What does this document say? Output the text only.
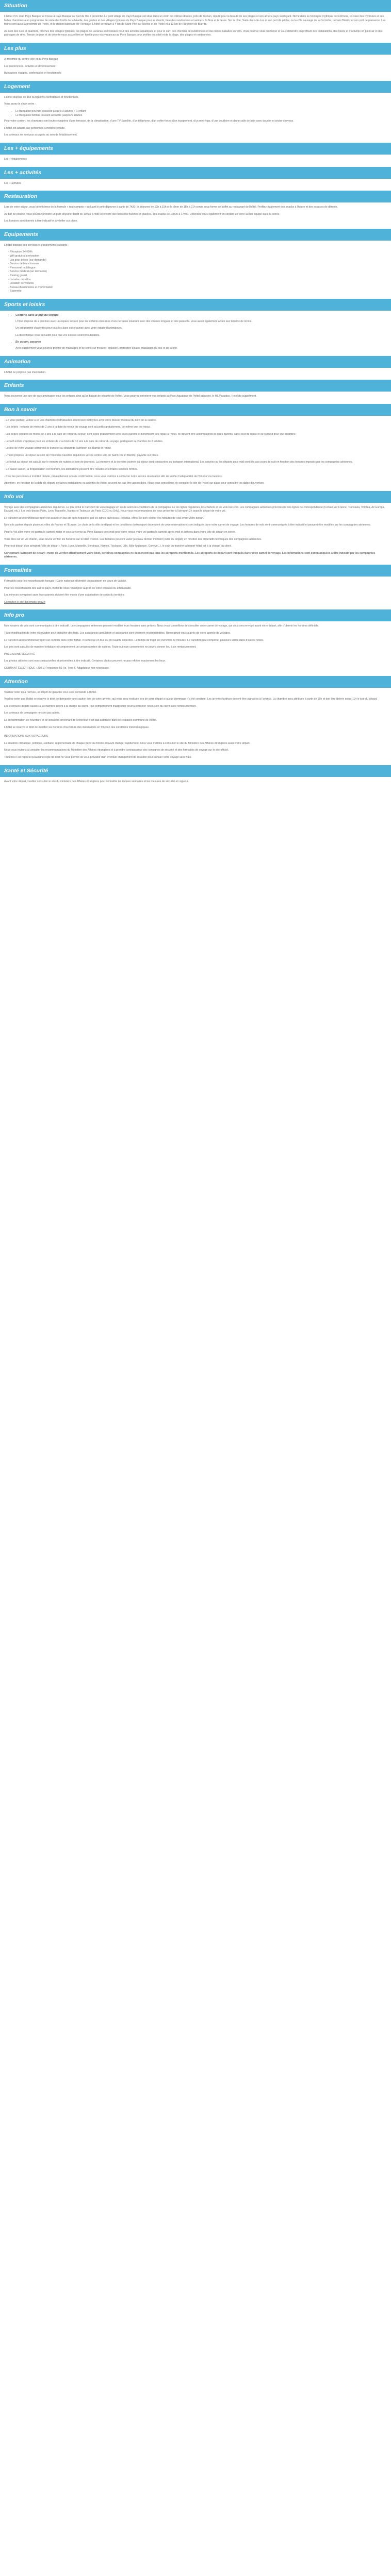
Situation

L'Hôtel VVL Club Pays Basque se trouve à Pays Basque au Sud de l'île à proximité. Le petit village de Pays Basque est situé dans un écrin de collines douces, près de l'océan, réputé pour la beauté de ses plages et son arrière-pays verdoyant. Niché dans la montagne mythique de la Rhune, le cœur des Pyrénées et ses belles chambres à un programme de visite des forêts de la Nivelle, des grottes et des villages typiques du Pays Basque pour se divertir, faire des randonnées et sentiers, la flore et la faune. Sur la côte, Saint-Jean-de-Luz et son port de pêche, ou la côte sauvage de la Corniche, ou vers Biarritz et son port de plaisance. Les trains sont aussi à proximité de l'hôtel, et la station balnéaire de Hendaye. L'hôtel se trouve à 4 km de Saint-Pée-sur-Nivelle et de l'hôtel et à 13 km de l'aéroport de Biarritz.

Au sein des rues et quartiers, proches des villages typiques, les plages de Lacanau sont idéales pour des activités aquatiques et pour le surf, des chemins de randonnées et des belles ballades en vélo. Vous pourrez vous promener et vous détendre en profitant des installations, des loisirs et d'activités en plein air et des paysages de rêve. Terrain de jeux et de détente vous accueillent en famille pour vos vacances au Pays Basque pour profiter du soleil et de la plage, des plages et randonnées.

Les plus

A proximité du centre-ville et du Pays Basque

Les randonnées, activités et divertissement

Bungalows équipés, confortables et fonctionnels

Logement

L'Hôtel dispose de 164 bungalows confortables et fonctionnels.

Vous aurez le choix entre :

• Le Bungalow pouvant accueillir jusqu'à 3 adultes + 1 enfant
• Le Bungalow familial pouvant accueillir jusqu'à 5 adultes

Pour votre confort, les chambres sont toutes équipées d'une terrasse, de la climatisation, d'une TV Satellite, d'un téléphone, d'un coffre-fort et d'un équipement, d'un mini-frigo, d'une bouilloire et d'une salle de bain avec douche et sèche-cheveux.

L'hôtel est adapté aux personnes à mobilité réduite.

Les animaux ne sont pas acceptés au sein de l'établissement.

Les + équipements

Les + équipements

Les + activités

Les + activités

Restauration

Lors de votre séjour, vous bénéficierez de la formule « tout compris » incluant le petit-déjeuner à partir de 7h30, le déjeuner de 12h à 15h et le dîner de 18h à 21h servis sous forme de buffet au restaurant de l'hôtel. Profitez également des snacks à l'heure et des espaces de détente.

Au bar de piscine, vous pourrez prendre un petit déjeuner tardif de 10h30 à midi ou encore des boissons fraîches et glacées, des snacks de 10h00 à 17h00. Détendez-vous également en sirotant un verre au bar équipé dans la soirée.

Les horaires sont donnés à titre indicatif et à vérifier sur place.

Equipements

L'hôtel dispose des services et équipements suivants :

- Réception 24h/24h
- Wifi gratuit à la réception
- Lits pour bébés (sur demande)
- Service de blanchisserie
- Personnel multilingue
- Service médical (sur demande)
- Parking gratuit
- Location de vélos
- Location de voitures
- Bureau d'excursions et d'information
- Superette
Sports et loisirs
• Compris dans le prix du voyage

L'hôtel dispose de 2 piscines avec un espace séparé pour les enfants entourées d'une terrasse solarium avec des chaises longues et des parasols. Vous aurez également accès aux terrains de tennis.

Un programme d'activités pour tous les âges est organisé avec votre équipe d'animateurs.

La discothèque vous accueillit pour que vos soirées soient inoubliables.

• En option, payante

Avec supplément vous pourrez profiter de massages et de soins sur mesure : épilation, protection solaire, massages du dos et de la tête.

Animation

L'hôtel ne propose pas d'animation.

Enfants

Vous trouverez une aire de jeux aménagée pour les enfants ainsi qu'un bassin de sécurité de l'hôtel. Vous pourrez entretenir vos enfants au Parc Aquatique de l'hôtel adjacent, le ML Paradise. Hotel de supplément.

Bon à savoir

- En vous partant, veillez à ce vos chambres individuelles soient bien nettoyées avec votre dossier médical du bord de la cuisine.

- Les bébés : enfants de moins de 2 ans à la date de retour du voyage sont accueillis gratuitement, de même que les repas.

- Les bébés (enfants de moins de 2 ans à la date de retour du séjour) sont logés gratuitement avec leurs parents et bénéficient des repas à l'hôtel. Ils doivent être accompagnés de leurs parents, sans coût de repas et de surcoût pour leur chambre.

- Le tarif enfant s'applique pour les enfants de 2 à moins de 12 ans à la date de retour du voyage, partageant la chambre de 2 adultes.

- Le prix de votre voyage comprend le transfert au départ de l'aéroport de Biarritz et retour.

- L'hôtel propose un séjour au sein de l'hôtel des navettes régulières vers le centre-ville de Saint-Pée et Biarritz, payante sur place.

- Le forfait au séjour est calculé sur le nombre de nuitées et non de journées. La première et la dernière journée du séjour sont consacrées au transport international. Les arrivées ou les départs pour midi sont liés aux cours de nuit en fonction des horaires imposés par les compagnies aériennes.

- En basse saison, la fréquentation est moindre, les animations peuvent être réduites et certains services fermés.

- Pour les personnes à mobilité réduite, préalablement à toute confirmation, nous vous invitons à contacter notre service réservation afin de vérifier l'adaptabilité de l'hôtel à vos besoins.

Attention : en fonction de la date de départ, certaines installations ou activités de l'hôtel peuvent ne pas être accessibles. Nous vous conseillons de consulter le site de l'hôtel sur place pour connaître les dates d'ouverture.

Info vol

Voyage avec des compagnies aériennes régulières. Le prix inclut le transport de votre bagage en soute selon les conditions de la compagnie sur les lignes régulières, les charters et les vols low-cost. Les compagnies aériennes préconisent des lignes de correspondance (Corsair, Air France, Transavia, Volotea, Air Europa, Easyjet, etc.). Les vols depuis Paris, Lyon, Marseille, Nantes et Toulouse via Paris (CDG ou Orly). Nous vous recommandons de vous présenter à l'aéroport 2h avant le départ de votre vol.

Le transfert aéroport/hôtel/aéroport est assuré en bus de ligne régulière, par les lignes du réseau Hegobus. Merci de bien vérifier vos horaires de vols avant votre départ.

Nos vols partent depuis plusieurs villes de France et l'Europe. Le choix de la ville de départ et les conditions du transport dépendent de votre réservation et sont indiqués dans votre carnet de voyage. Les horaires de vols sont communiqués à titre indicatif et peuvent être modifiés par les compagnies aériennes.

Pour le Vol aller, votre vol partira le samedi matin et vous arriverez au Pays Basque vers midi pour votre retour, votre vol partira le samedi après-midi et arrivera dans votre ville de départ en soirée.

Vous êtes sur un vol charter, vous devez vérifier les horaires sur le billet d'avion. Ces horaires peuvent varier jusqu'au dernier moment (veille du départ) en fonction des impératifs techniques des compagnies aériennes.

Pour tout départ d'un aéroport (Ville de départ : Paris, Lyon, Marseille, Bordeaux, Nantes, Toulouse, Lille, Bâle-Mulhouse, Genève...), le coût du transfert aéroport-hôtel est à la charge du client.

Concernant l'aéroport de départ : merci de vérifier attentivement votre billet, certaines compagnies ne desservent pas tous les aéroports mentionnés. Les aéroports de départ sont indiqués dans votre carnet de voyage. Les informations sont communiquées à titre indicatif par les compagnies aériennes.

Formalités

Formalités pour les ressortissants français : Carte nationale d'identité ou passeport en cours de validité.

Pour les ressortissants des autres pays, merci de vous renseigner auprès de votre consulat ou ambassade.

Les mineurs voyageant sans leurs parents doivent être munis d'une autorisation de sortie du territoire.

Consultez le site diplomatie.gouv.fr

Info pro

Nos horaires de vols sont communiqués à titre indicatif. Les compagnies aériennes peuvent modifier leurs horaires sans préavis. Nous vous conseillons de consulter votre carnet de voyage, qui vous sera envoyé avant votre départ, afin d'obtenir les horaires définitifs.

Toute modification de votre réservation peut entraîner des frais. Les assurances annulation et assistance sont vivement recommandées. Renseignez-vous auprès de votre agence de voyages.

Le transfert aéroport/hôtel/aéroport est compris dans votre forfait. Il s'effectue en bus ou en navette collective. Le temps de trajet est d'environ 20 minutes. Le transfert peut comporter plusieurs arrêts dans d'autres hôtels.

Les prix sont calculés de manière forfaitaire et comprennent un certain nombre de nuitées. Toute nuit non consommée ne pourra donner lieu à un remboursement.

PRÉCISIONS SÉCURITÉ

Les photos utilisées sont non contractuelles et présentées à titre indicatif. Certaines photos peuvent ne pas refléter exactement les lieux.

COURANT ÉLECTRIQUE : 230 V, Fréquence 50 Hz. Type F. Adaptateur non nécessaire.

Attention

Veuillez noter qu'à l'arrivée, un dépôt de garantie vous sera demandé à l'hôtel.

Veuillez noter que l'hôtel se réserve le droit de demander une caution lors de votre arrivée, qui vous sera restituée lors de votre départ si aucun dommage n'a été constaté. Les arrivées tardives doivent être signalées à l'avance. La chambre sera attribuée à partir de 15h et doit être libérée avant 11h le jour du départ.

Les éventuels dégâts causés à la chambre seront à la charge du client. Tout comportement inapproprié pourra entraîner l'exclusion du client sans remboursement.

Les animaux de compagnie ne sont pas admis.

La consommation de nourriture et de boissons provenant de l'extérieur n'est pas autorisée dans les espaces communs de l'hôtel.

L'hôtel se réserve le droit de modifier les horaires d'ouverture des installations en fonction des conditions météorologiques.

INFORMATIONS AUX VOYAGEURS

La situation climatique, politique, sanitaire, réglementaire de chaque pays du monde pouvant changer rapidement, nous vous invitons à consulter le site du Ministère des Affaires étrangères avant votre départ.

Nous vous invitons à consulter les recommandations du Ministère des Affaires étrangères et à prendre connaissance des consignes de sécurité et des formalités de voyage sur le site officiel.

Toutefois il est rappelé qu'aucune règle de droit ne vous permet de vous prévaloir d'un éventuel changement de situation pour annuler votre voyage sans frais.

Santé et Sécurité

Avant votre départ, veuillez consulter le site du ministère des Affaires étrangères pour connaître les risques sanitaires et les mesures de sécurité en vigueur.
